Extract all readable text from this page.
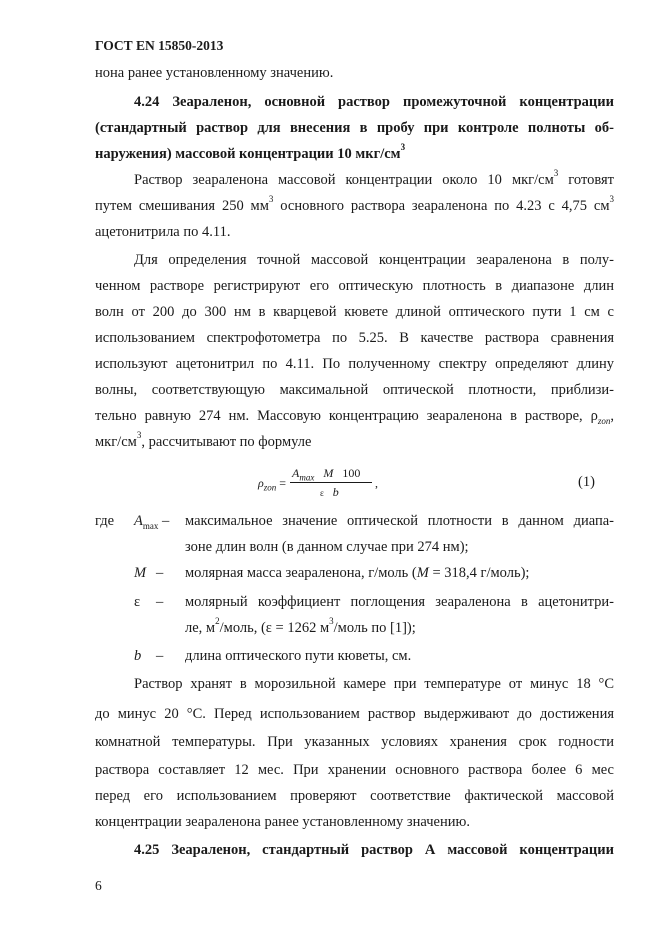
ГОСТ EN 15850-2013
нона ранее установленному значению.
4.24 Зеараленон, основной раствор промежуточной концентрации
(стандартный раствор для внесения в пробу при контроле полноты об-
наружения) массовой концентрации 10 мкг/$см^3$
Раствор зеараленона массовой концентрации около 10 мкг/$см^3$ готовят
путем смешивания 250 $мм^3$ основного раствора зеараленона по 4.23 с 4,75 $см^3$
ацетонитрила по 4.11.
Для определения точной массовой концентрации зеараленона в полу-
ченном растворе регистрируют его оптическую плотность в диапазоне длин
волн от 200 до 300 нм в кварцевой кювете длиной оптического пути 1 см с
использованием спектрофотометра по 5.25. В качестве раствора сравнения
используют ацетонитрил по 4.11. По полученному спектру определяют длину
волны, соответствующую максимальной оптической плотности, приблизи-
тельно равную 274 нм. Массовую концентрацию зеараленона в растворе, $\rho_{zon}$,
мкг/$см^3$, рассчитывают по формуле
$\rho_{zon}$ =
$A_{max}$ M 100
ε b
,	(1)
где $A_{max}$ – максимальное значение оптической плотности в данном диапа-
зоне длин волн (в данном случае при 274 нм);
M – молярная масса зеараленона, г/моль (M = 318,4 г/моль);
ε – молярный коэффициент поглощения зеараленона в ацетонитри-
ле, $м^2$/моль, (ε = 1262 $м^3$/моль по [1]);
b – длина оптического пути кюветы, см.
Раствор хранят в морозильной камере при температуре от минус 18 °С
до минус 20 °С. Перед использованием раствор выдерживают до достижения
комнатной температуры. При указанных условиях хранения срок годности
раствора составляет 12 мес. При хранении основного раствора более 6 мес
перед его использованием проверяют соответствие фактической массовой
концентрации зеараленона ранее установленному значению.
4.25 Зеараленон, стандартный раствор А массовой концентрации
6
